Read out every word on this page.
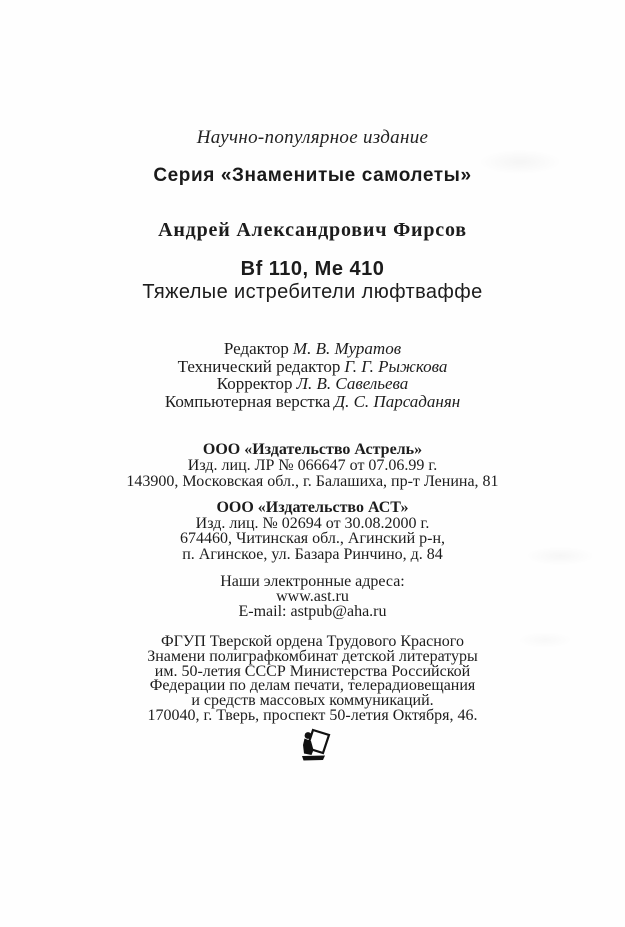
Научно-популярное издание
Серия «Знаменитые самолеты»
Андрей Александрович Фирсов
Bf 110, Me 410
Тяжелые истребители люфтваффе
Редактор М. В. Муратов
Технический редактор Г. Г. Рыжкова
Корректор Л. В. Савельева
Компьютерная верстка Д. С. Парсаданян
ООО «Издательство Астрель»
Изд. лиц. ЛР № 066647 от 07.06.99 г.
143900, Московская обл., г. Балашиха, пр-т Ленина, 81
ООО «Издательство АСТ»
Изд. лиц. № 02694 от 30.08.2000 г.
674460, Читинская обл., Агинский р-н,
п. Агинское, ул. Базара Ринчино, д. 84
Наши электронные адреса:
www.ast.ru
E-mail: astpub@aha.ru
ФГУП Тверской ордена Трудового Красного
Знамени полиграфкомбинат детской литературы
им. 50-летия СССР Министерства Российской
Федерации по делам печати, телерадиовещания
и средств массовых коммуникаций.
170040, г. Тверь, проспект 50-летия Октября, 46.
